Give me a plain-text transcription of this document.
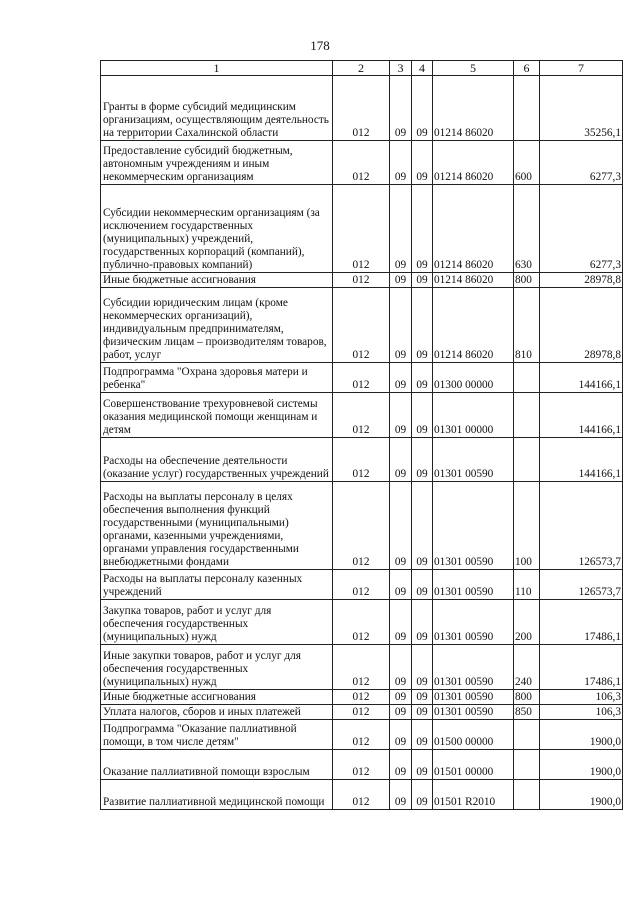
178
1	2	3	4	5	6	7
Гранты в форме субсидий медицинским организациям, осуществляющим деятельность на территории Сахалинской области	012	09	09	01214 86020		35256,1
Предоставление субсидий бюджетным, автономным учреждениям и иным некоммерческим организациям	012	09	09	01214 86020	600	6277,3
Субсидии некоммерческим организациям (за исключением государственных (муниципальных) учреждений, государственных корпораций (компаний), публично-правовых компаний)	012	09	09	01214 86020	630	6277,3
Иные бюджетные ассигнования	012	09	09	01214 86020	800	28978,8
Субсидии юридическим лицам (кроме некоммерческих организаций), индивидуальным предпринимателям, физическим лицам – производителям товаров, работ, услуг	012	09	09	01214 86020	810	28978,8
Подпрограмма "Охрана здоровья матери и ребенка"	012	09	09	01300 00000		144166,1
Совершенствование трехуровневой системы оказания медицинской помощи женщинам и детям	012	09	09	01301 00000		144166,1
Расходы на обеспечение деятельности (оказание услуг) государственных учреждений	012	09	09	01301 00590		144166,1
Расходы на выплаты персоналу в целях обеспечения выполнения функций государственными (муниципальными) органами, казенными учреждениями, органами управления государственными внебюджетными фондами	012	09	09	01301 00590	100	126573,7
Расходы на выплаты персоналу казенных учреждений	012	09	09	01301 00590	110	126573,7
Закупка товаров, работ и услуг для обеспечения государственных (муниципальных) нужд	012	09	09	01301 00590	200	17486,1
Иные закупки товаров, работ и услуг для обеспечения государственных (муниципальных) нужд	012	09	09	01301 00590	240	17486,1
Иные бюджетные ассигнования	012	09	09	01301 00590	800	106,3
Уплата налогов, сборов и иных платежей	012	09	09	01301 00590	850	106,3
Подпрограмма "Оказание паллиативной помощи, в том числе детям"	012	09	09	01500 00000		1900,0
Оказание паллиативной помощи взрослым	012	09	09	01501 00000		1900,0
Развитие паллиативной медицинской помощи	012	09	09	01501 R2010		1900,0
